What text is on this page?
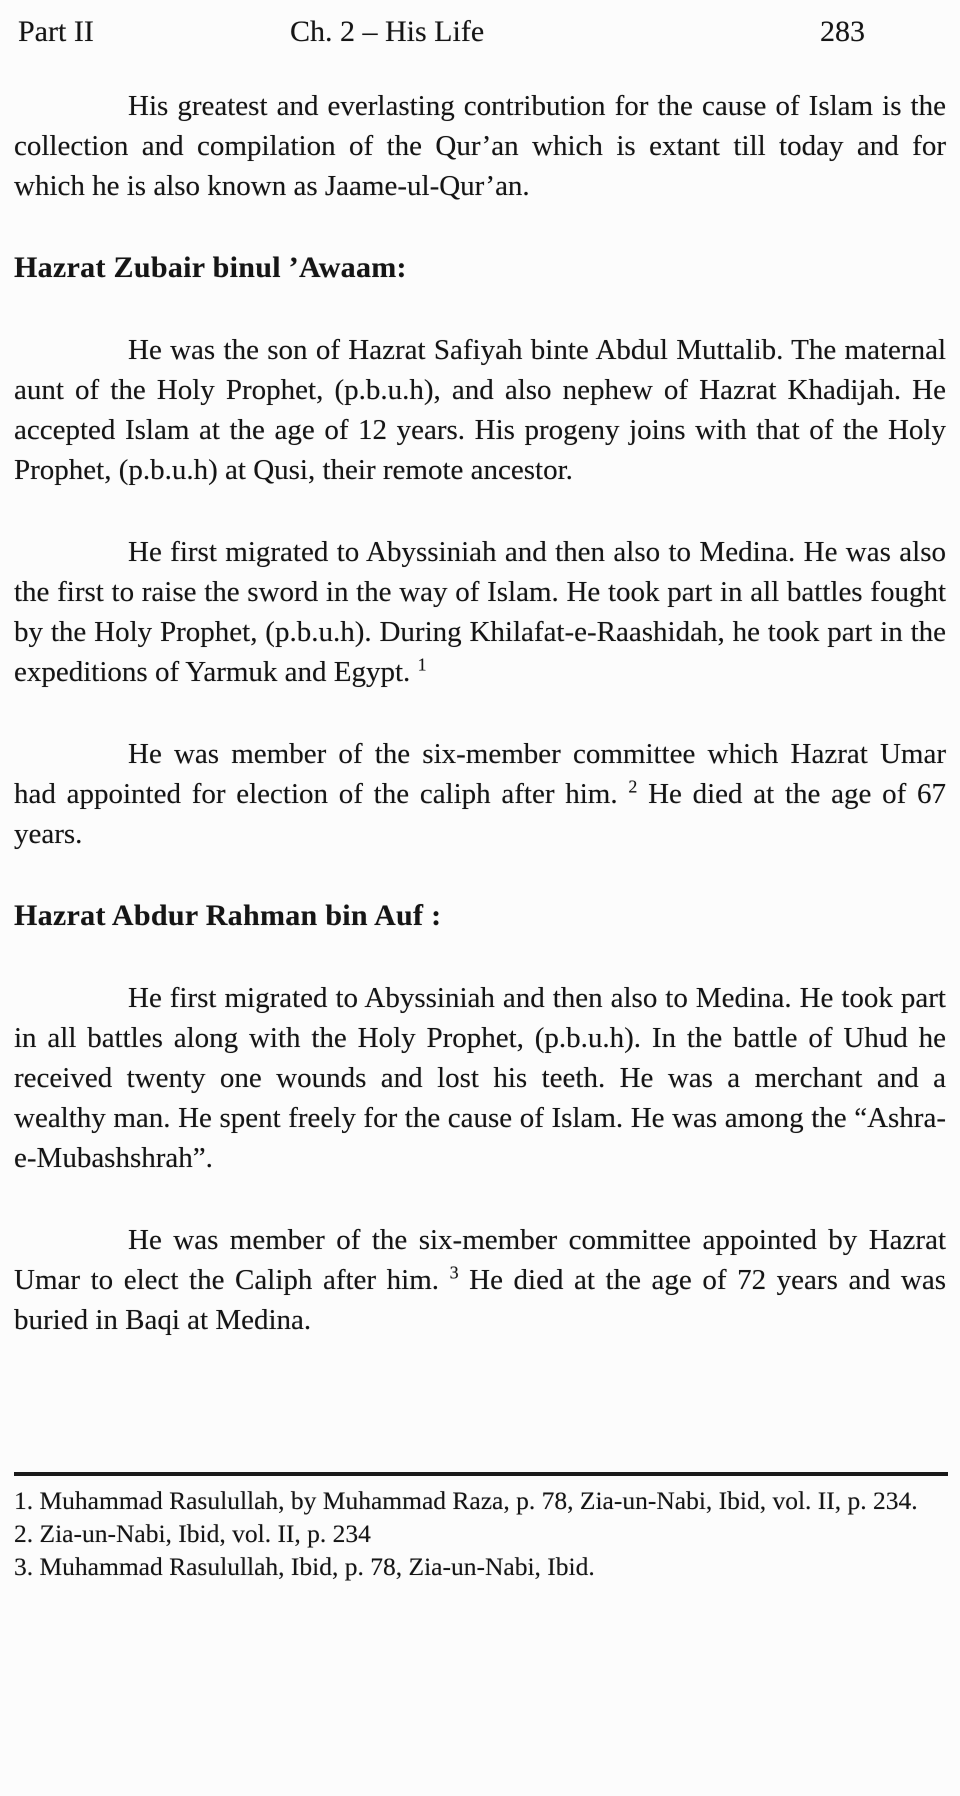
Part II	Ch. 2 – His Life	283

His greatest and everlasting contribution for the cause of Islam is the collection and compilation of the Qur’an which is extant till today and for which he is also known as Jaame-ul-Qur’an.

Hazrat Zubair binul ’Awaam:

He was the son of Hazrat Safiyah binte Abdul Muttalib. The maternal aunt of the Holy Prophet, (p.b.u.h), and also nephew of Hazrat Khadijah. He accepted Islam at the age of 12 years. His progeny joins with that of the Holy Prophet, (p.b.u.h) at Qusi, their remote ancestor.

He first migrated to Abyssiniah and then also to Medina. He was also the first to raise the sword in the way of Islam. He took part in all battles fought by the Holy Prophet, (p.b.u.h). During Khilafat-e-Raashidah, he took part in the expeditions of Yarmuk and Egypt. $^1$

He was member of the six-member committee which Hazrat Umar had appointed for election of the caliph after him. $^2$ He died at the age of 67 years.

Hazrat Abdur Rahman bin Auf :

He first migrated to Abyssiniah and then also to Medina. He took part in all battles along with the Holy Prophet, (p.b.u.h). In the battle of Uhud he received twenty one wounds and lost his teeth. He was a merchant and a wealthy man. He spent freely for the cause of Islam. He was among the “Ashra-e-Mubashshrah”.

He was member of the six-member committee appointed by Hazrat Umar to elect the Caliph after him. $^3$ He died at the age of 72 years and was buried in Baqi at Medina.

1. Muhammad Rasulullah, by Muhammad Raza, p. 78, Zia-un-Nabi, Ibid, vol. II, p. 234.
2. Zia-un-Nabi, Ibid, vol. II, p. 234
3. Muhammad Rasulullah, Ibid, p. 78, Zia-un-Nabi, Ibid.
